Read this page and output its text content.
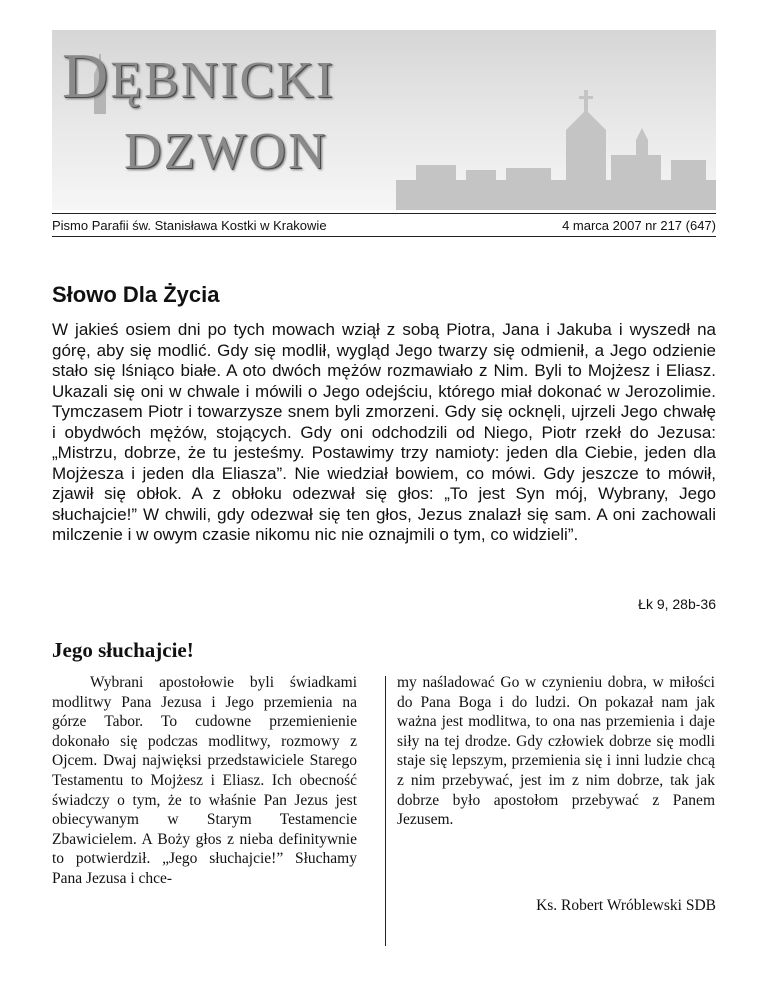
DĘBNICKI
DZWON
Pismo Parafii św. Stanisława Kostki w Krakowie	4 marca 2007 nr 217 (647)
Słowo Dla Życia

W jakieś osiem dni po tych mowach wziął z sobą Piotra, Jana i Jakuba i wyszedł na górę, aby się modlić. Gdy się modlił, wygląd Jego twarzy się odmienił, a Jego odzienie stało się lśniąco białe. A oto dwóch mężów rozmawiało z Nim. Byli to Mojżesz i Eliasz. Ukazali się oni w chwale i mówili o Jego odejściu, którego miał dokonać w Jerozolimie. Tymczasem Piotr i towarzysze snem byli zmorzeni. Gdy się ocknęli, ujrzeli Jego chwałę i obydwóch mężów, stojących. Gdy oni odchodzili od Niego, Piotr rzekł do Jezusa: „Mistrzu, dobrze, że tu jesteśmy. Postawimy trzy namioty: jeden dla Ciebie, jeden dla Mojżesza i jeden dla Eliasza”. Nie wiedział bowiem, co mówi. Gdy jeszcze to mówił, zjawił się obłok. A z obłoku odezwał się głos: „To jest Syn mój, Wybrany, Jego słuchajcie!” W chwili, gdy odezwał się ten głos, Jezus znalazł się sam. A oni zachowali milczenie i w owym czasie nikomu nic nie oznajmili o tym, co widzieli”.

Łk 9, 28b-36
Jego słuchajcie!

Wybrani apostołowie byli świadkami modlitwy Pana Jezusa i Jego przemienia na górze Tabor. To cudowne przemienienie dokonało się podczas modlitwy, rozmowy z Ojcem. Dwaj najwięksi przedstawiciele Starego Testamentu to Mojżesz i Eliasz. Ich obecność świadczy o tym, że to właśnie Pan Jezus jest obiecywanym w Starym Testamencie Zbawicielem. A Boży głos z nieba definitywnie to potwierdził. „Jego słuchajcie!” Słuchamy Pana Jezusa i chce-

my naśladować Go w czynieniu dobra, w miłości do Pana Boga i do ludzi. On pokazał nam jak ważna jest modlitwa, to ona nas przemienia i daje siły na tej drodze. Gdy człowiek dobrze się modli staje się lepszym, przemienia się i inni ludzie chcą z nim przebywać, jest im z nim dobrze, tak jak dobrze było apostołom przebywać z Panem Jezusem.

Ks. Robert Wróblewski SDB
